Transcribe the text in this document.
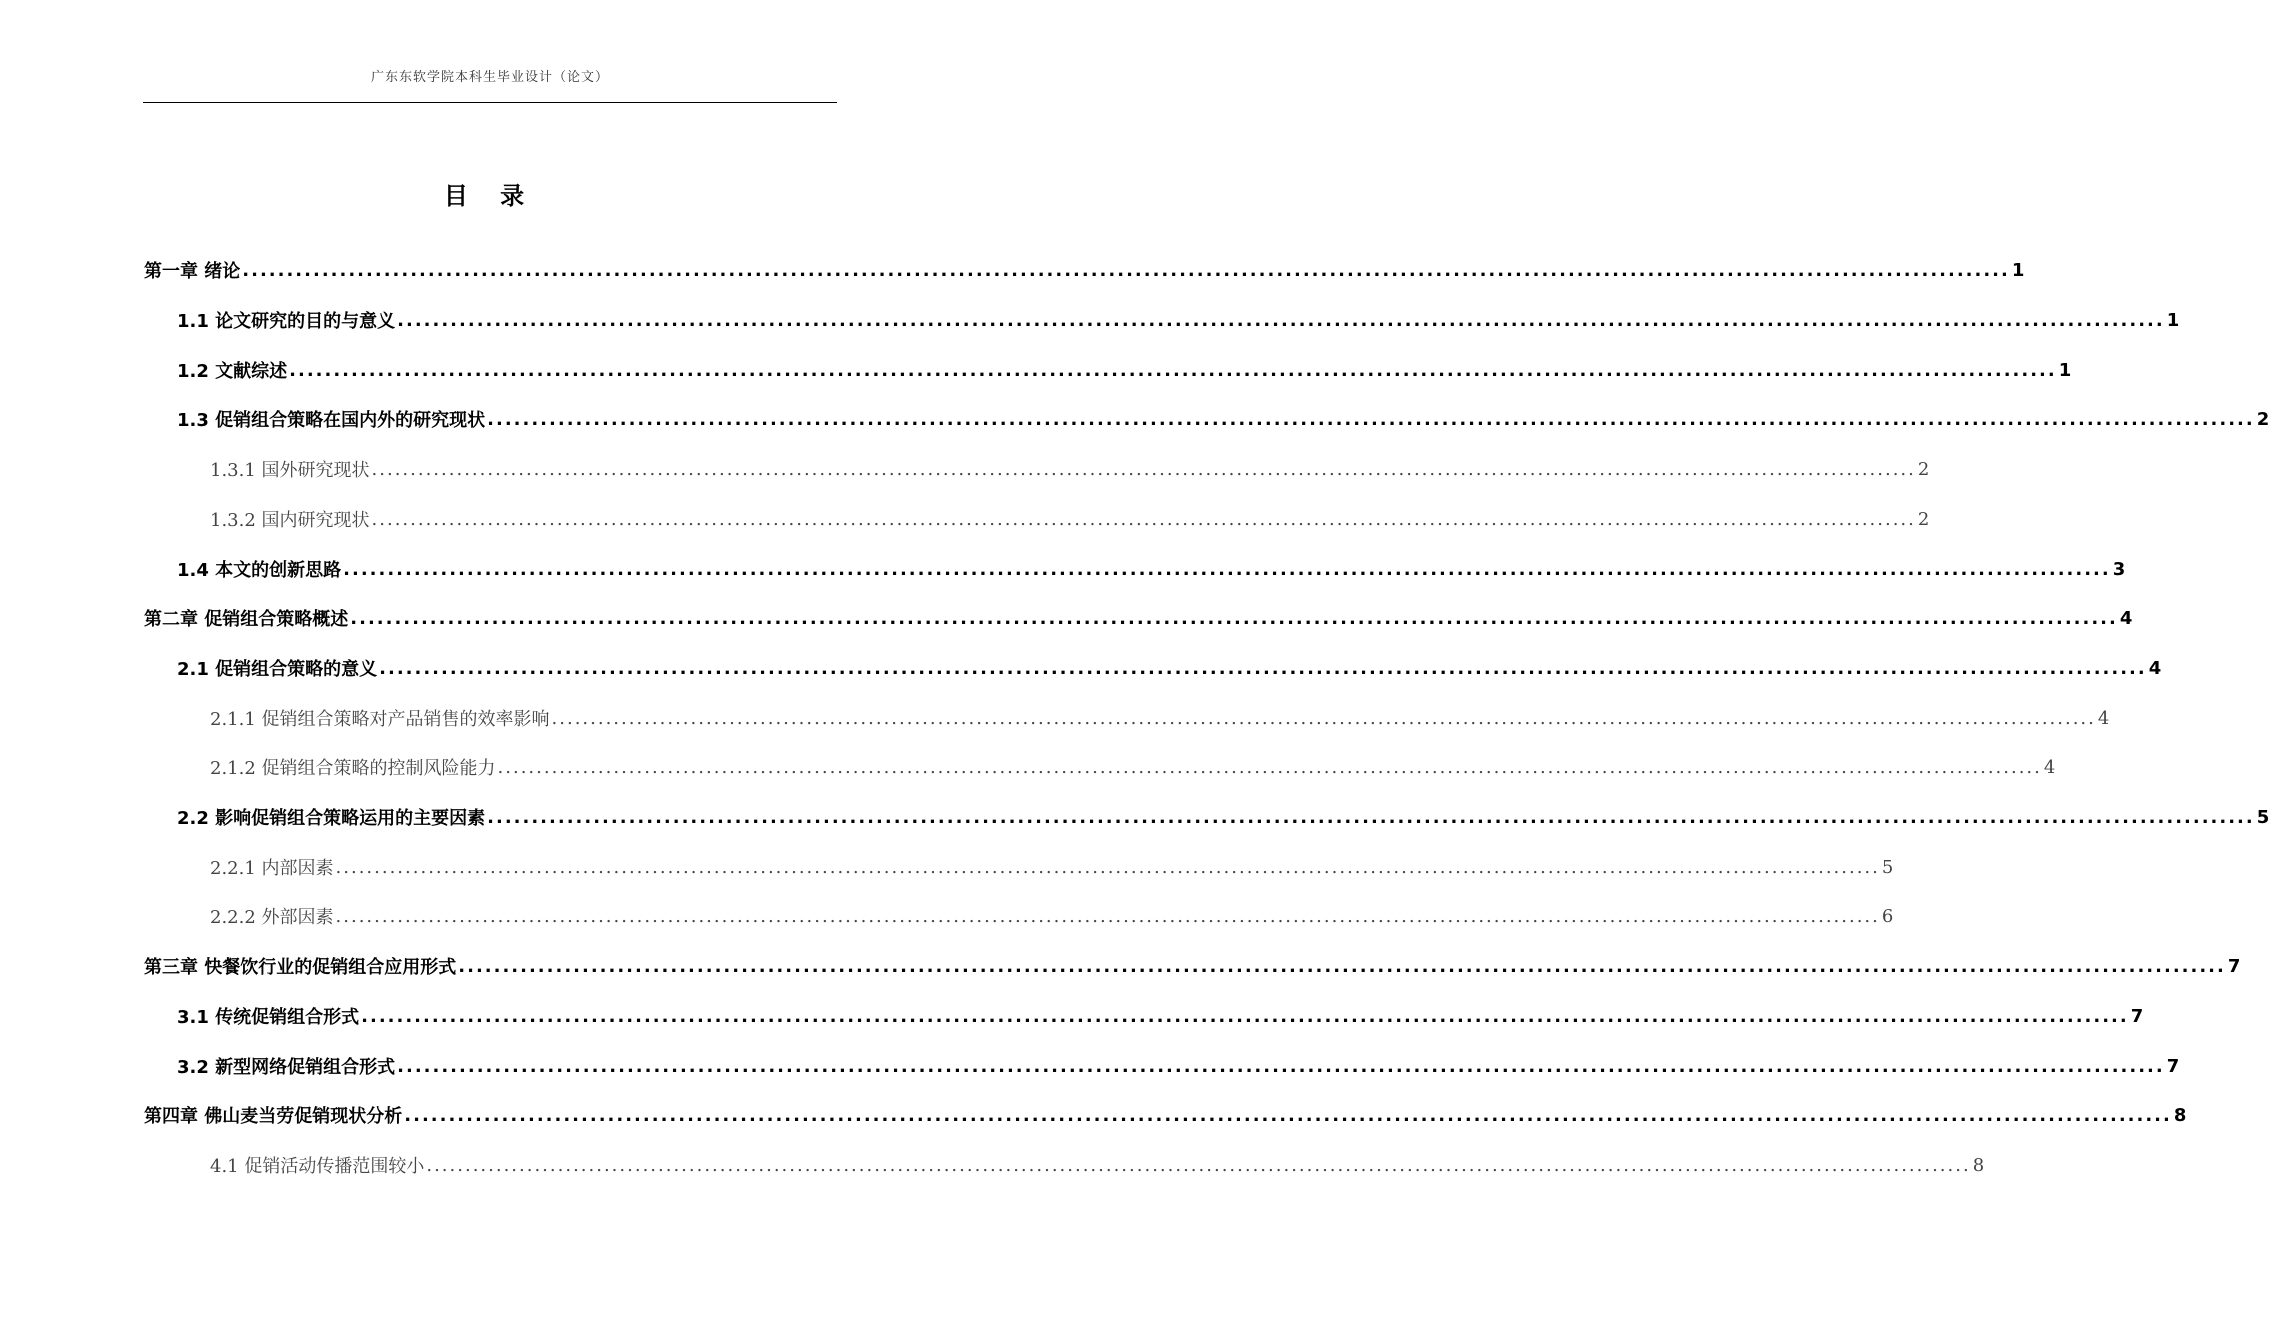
广东东软学院本科生毕业设计（论文）
目 录
第一章 绪论 ........................................................................................................................................................................................................ 1
1.1 论文研究的目的与意义 ........................................................................................................................................................................................................ 1
1.2 文献综述 ........................................................................................................................................................................................................ 1
1.3 促销组合策略在国内外的研究现状 ........................................................................................................................................................................................................ 2
1.3.1 国外研究现状 ........................................................................................................................................................................................................ 2
1.3.2 国内研究现状 ........................................................................................................................................................................................................ 2
1.4 本文的创新思路 ........................................................................................................................................................................................................ 3
第二章 促销组合策略概述 ........................................................................................................................................................................................................ 4
2.1 促销组合策略的意义 ........................................................................................................................................................................................................ 4
2.1.1 促销组合策略对产品销售的效率影响 ........................................................................................................................................................................................................ 4
2.1.2 促销组合策略的控制风险能力 ........................................................................................................................................................................................................ 4
2.2 影响促销组合策略运用的主要因素 ........................................................................................................................................................................................................ 5
2.2.1 内部因素 ........................................................................................................................................................................................................ 5
2.2.2 外部因素 ........................................................................................................................................................................................................ 6
第三章 快餐饮行业的促销组合应用形式 ........................................................................................................................................................................................................ 7
3.1 传统促销组合形式 ........................................................................................................................................................................................................ 7
3.2 新型网络促销组合形式 ........................................................................................................................................................................................................ 7
第四章 佛山麦当劳促销现状分析 ........................................................................................................................................................................................................ 8
4.1 促销活动传播范围较小 ........................................................................................................................................................................................................ 8
